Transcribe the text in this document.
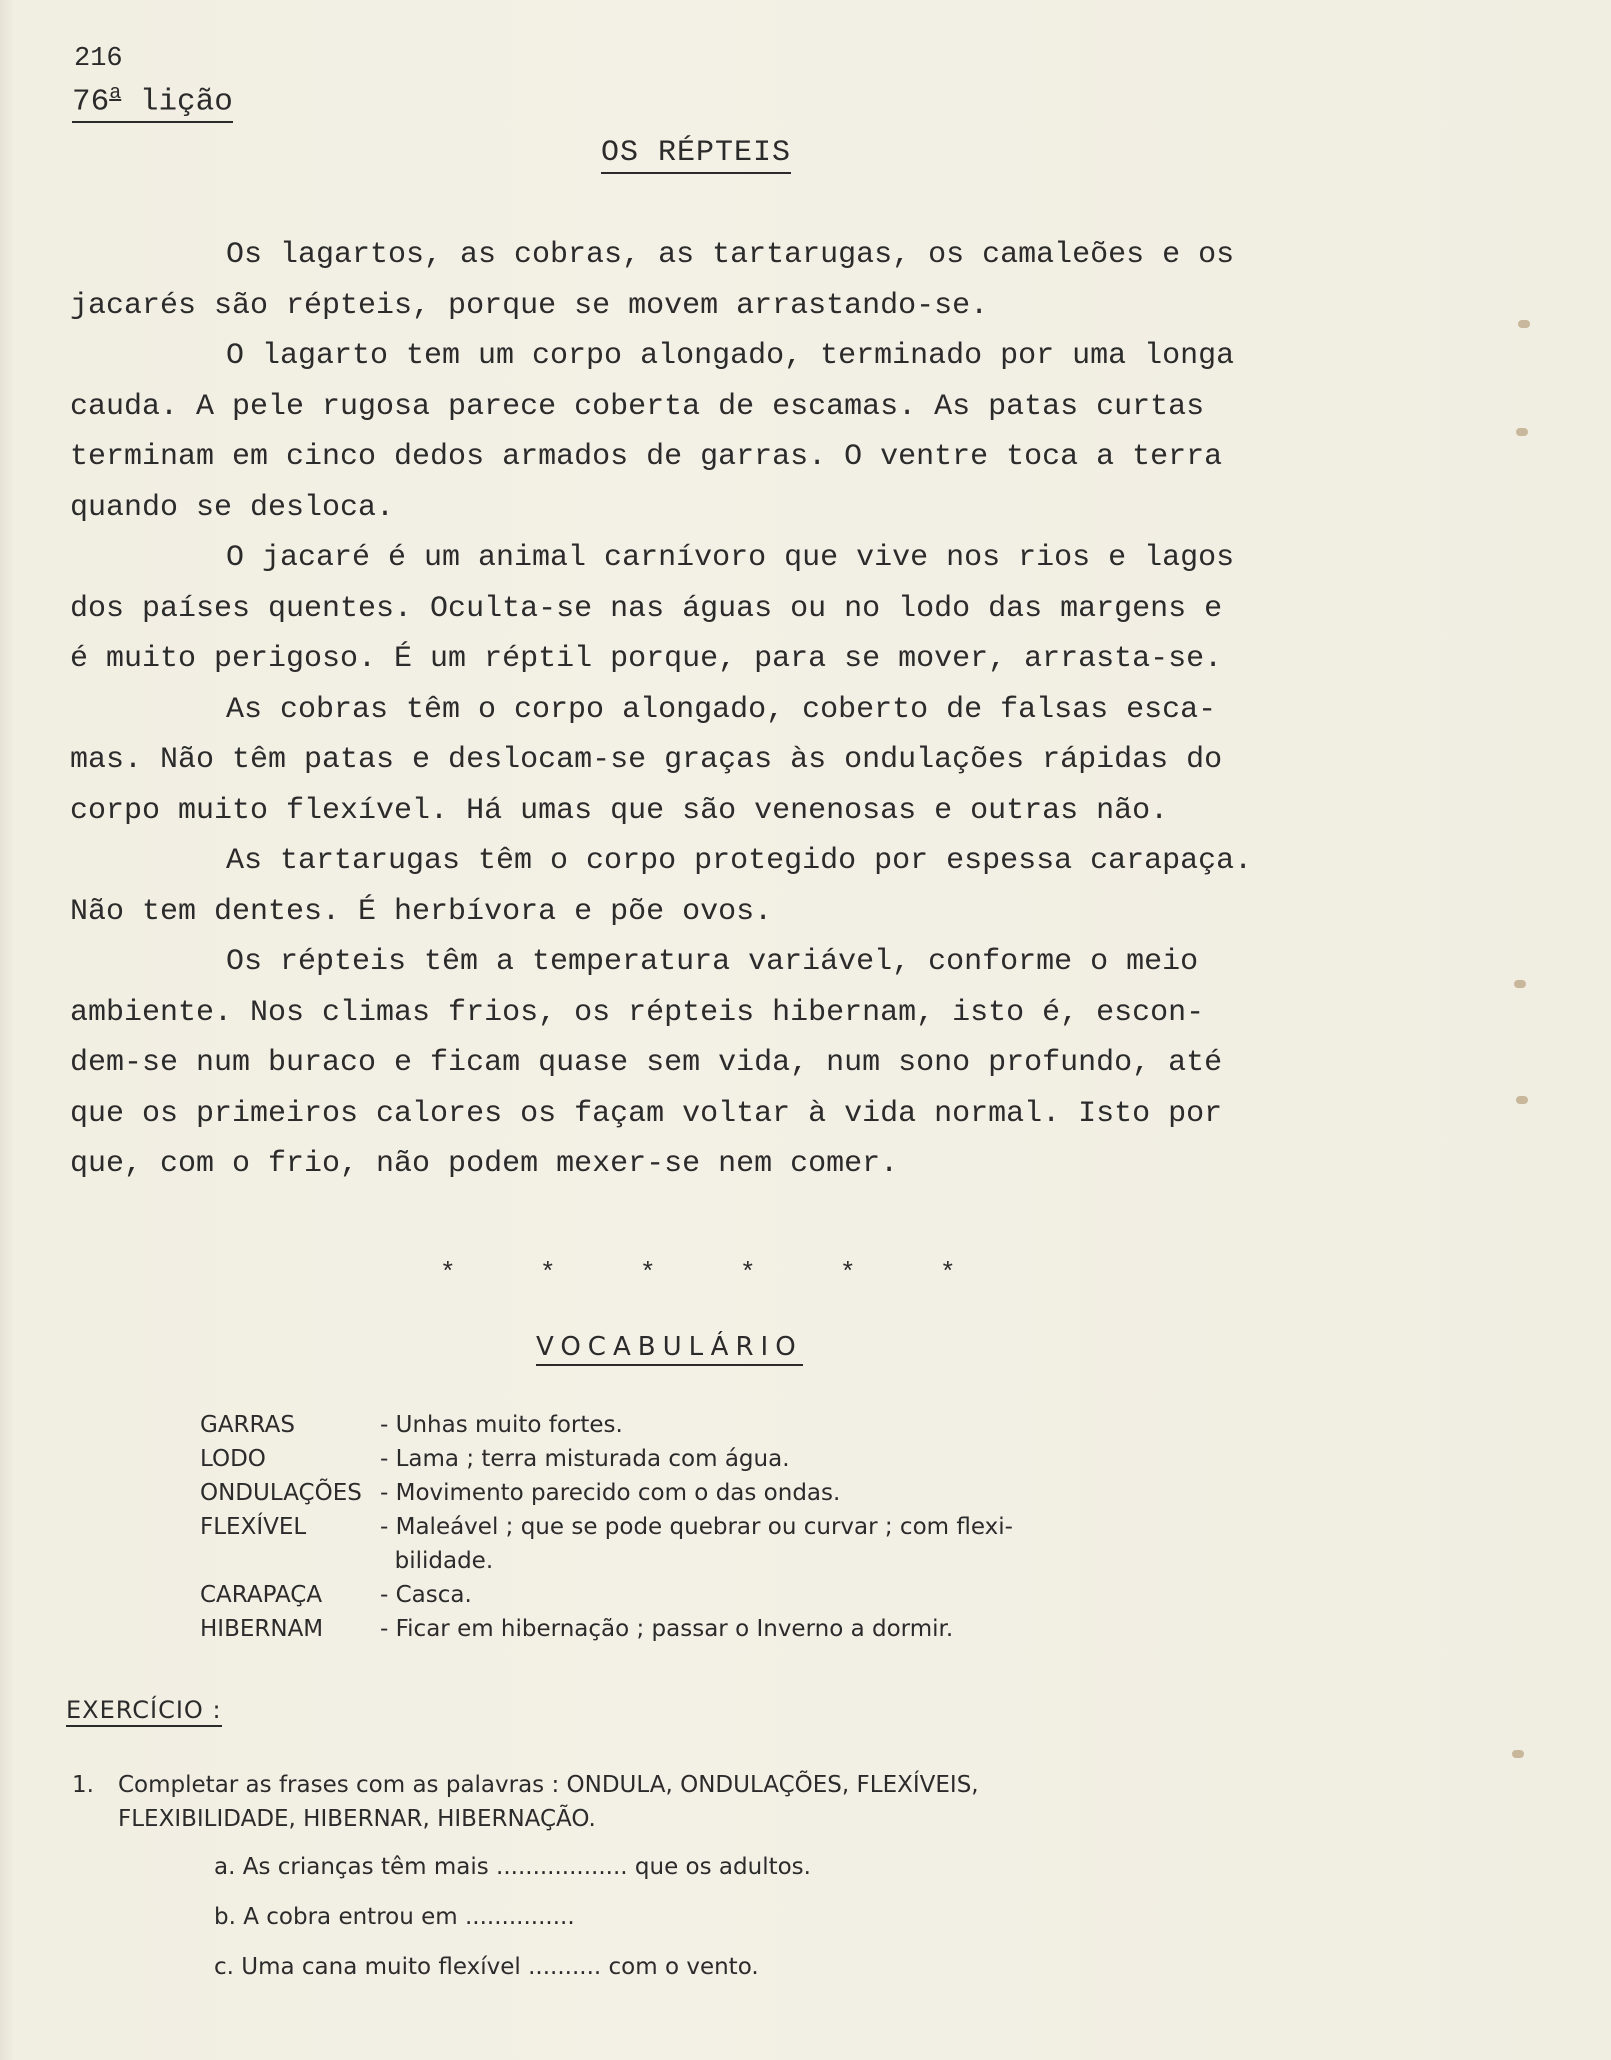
216
76$^a$ lição
OS RÉPTEIS

Os lagartos, as cobras, as tartarugas, os camaleões e os

jacarés são répteis, porque se movem arrastando-se.

O lagarto tem um corpo alongado, terminado por uma longa

cauda. A pele rugosa parece coberta de escamas. As patas curtas

terminam em cinco dedos armados de garras. O ventre toca a terra

quando se desloca.

O jacaré é um animal carnívoro que vive nos rios e lagos

dos países quentes. Oculta-se nas águas ou no lodo das margens e

é muito perigoso. É um réptil porque, para se mover, arrasta-se.

As cobras têm o corpo alongado, coberto de falsas esca-

mas. Não têm patas e deslocam-se graças às ondulações rápidas do

corpo muito flexível. Há umas que são venenosas e outras não.

As tartarugas têm o corpo protegido por espessa carapaça.

Não tem dentes. É herbívora e põe ovos.

Os répteis têm a temperatura variável, conforme o meio

ambiente. Nos climas frios, os répteis hibernam, isto é, escon-

dem-se num buraco e ficam quase sem vida, num sono profundo, até

que os primeiros calores os façam voltar à vida normal. Isto por

que, com o frio, não podem mexer-se nem comer.

*	*	*	*	*	*
VOCABULÁRIO
GARRAS	- Unhas muito fortes.
LODO	- Lama ; terra misturada com água.
ONDULAÇÕES - Movimento parecido com o das ondas.
FLEXÍVEL	- Maleável ; que se pode quebrar ou curvar ; com flexi-
bilidade.
CARAPAÇA	- Casca.
HIBERNAM	- Ficar em hibernação ; passar o Inverno a dormir.
EXERCÍCIO :
1. Completar as frases com as palavras : ONDULA, ONDULAÇÕES, FLEXÍVEIS,
FLEXIBILIDADE, HIBERNAR, HIBERNAÇÃO.
a. As crianças têm mais .................. que os adultos.
b. A cobra entrou em ...............
c. Uma cana muito flexível .......... com o vento.
